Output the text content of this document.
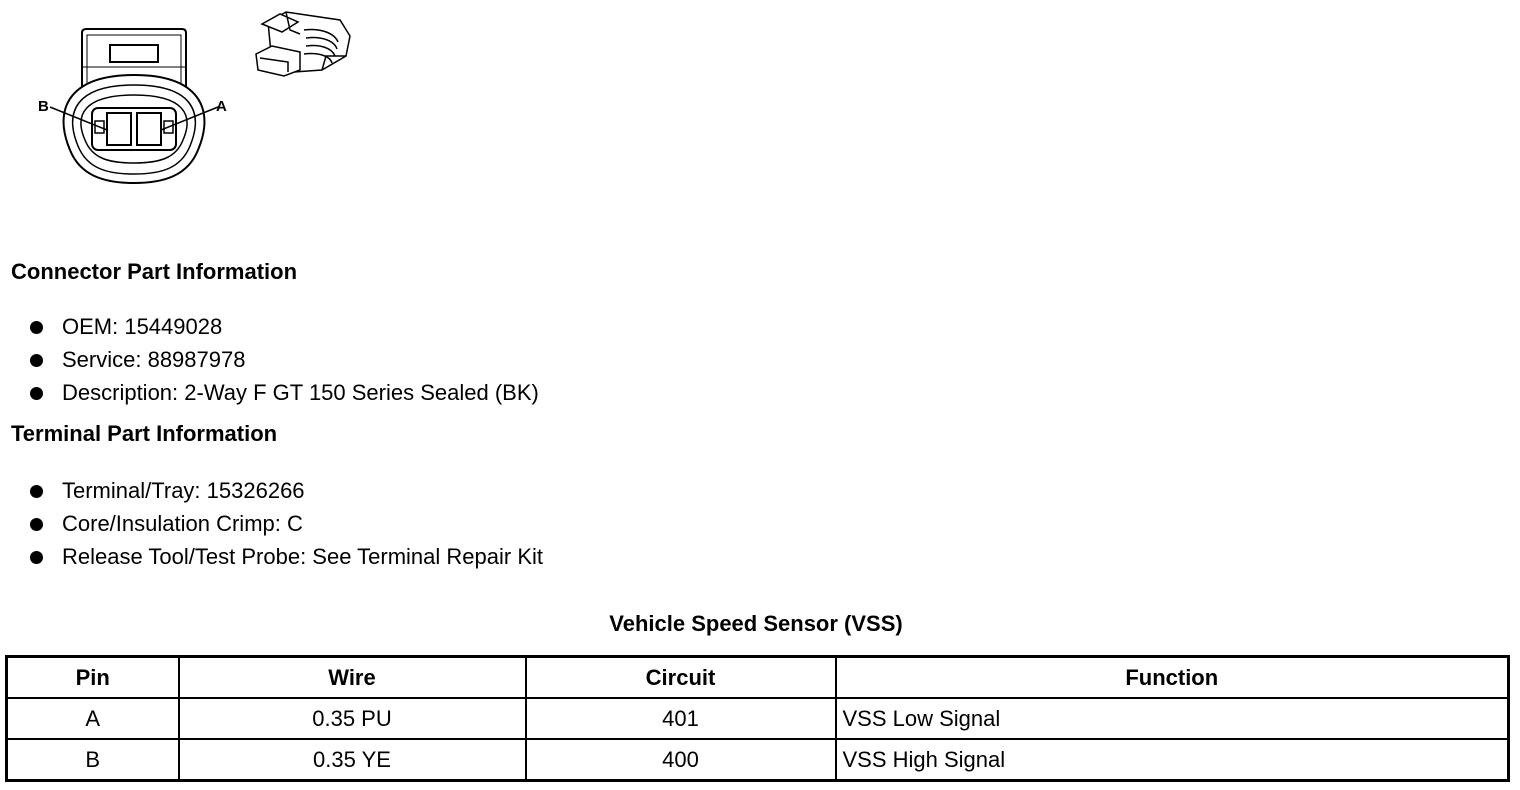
B	A
Connector Part Information
OEM: 15449028
Service: 88987978
Description: 2-Way F GT 150 Series Sealed (BK)
Terminal Part Information
Terminal/Tray: 15326266
Core/Insulation Crimp: C
Release Tool/Test Probe: See Terminal Repair Kit
Vehicle Speed Sensor (VSS)
Pin	Wire	Circuit	Function
A	0.35 PU	401	VSS Low Signal
B	0.35 YE	400	VSS High Signal
